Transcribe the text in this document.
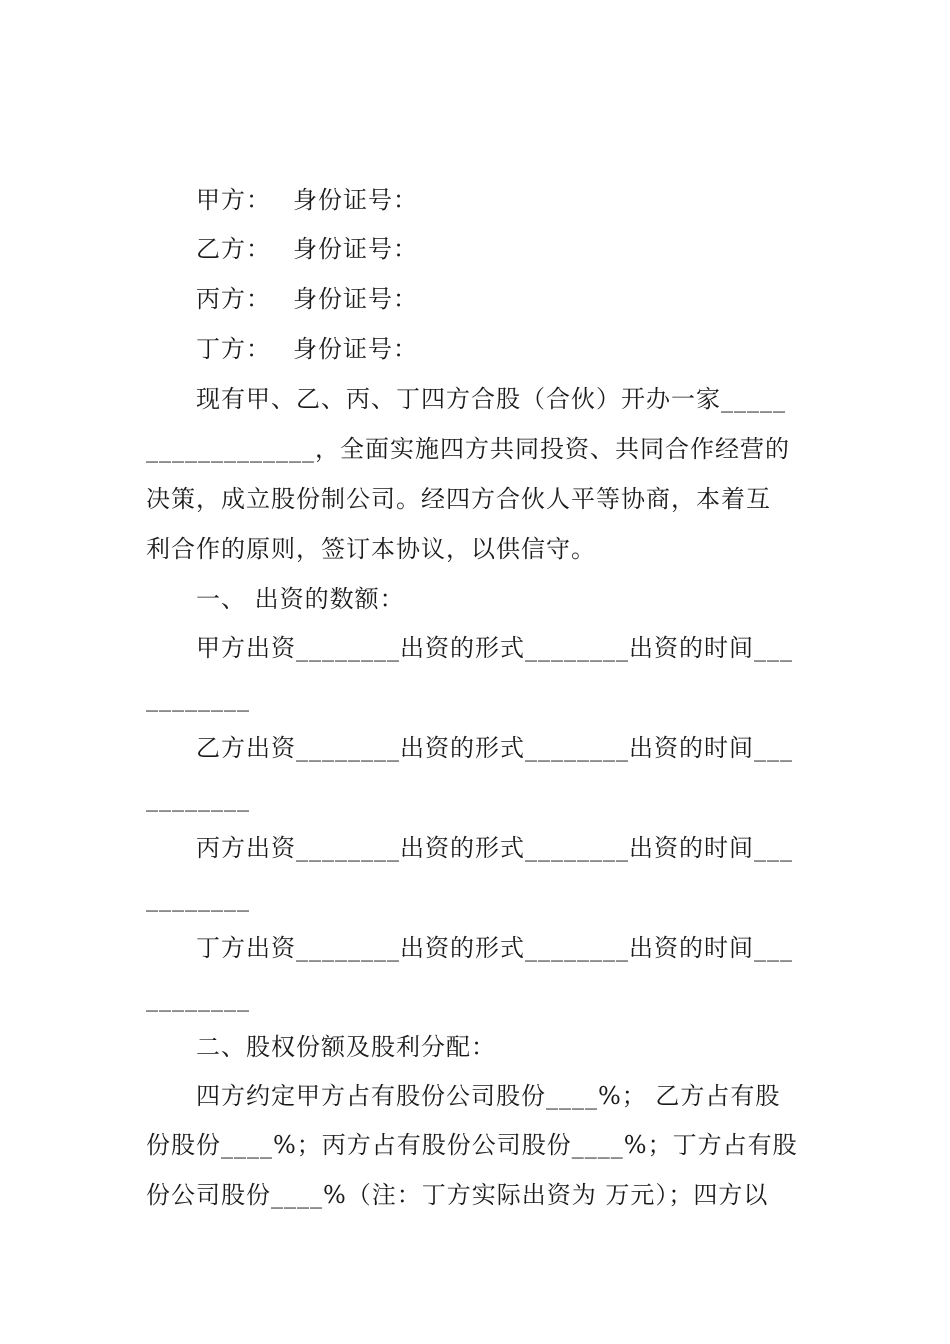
甲方： 身份证号：
乙方： 身份证号：
丙方： 身份证号：
丁方： 身份证号：
现有甲、乙、丙、丁四方合股（合伙）开办一家_____
_____________，全面实施四方共同投资、共同合作经营的
决策，成立股份制公司。经四方合伙人平等协商，本着互
利合作的原则，签订本协议，以供信守。
一、 出资的数额：
甲方出资________出资的形式________出资的时间___
________
乙方出资________出资的形式________出资的时间___
________
丙方出资________出资的形式________出资的时间___
________
丁方出资________出资的形式________出资的时间___
________
二、股权份额及股利分配：
四方约定甲方占有股份公司股份____%； 乙方占有股
份股份____%；丙方占有股份公司股份____%；丁方占有股
份公司股份____%（注：丁方实际出资为 万元）；四方以
